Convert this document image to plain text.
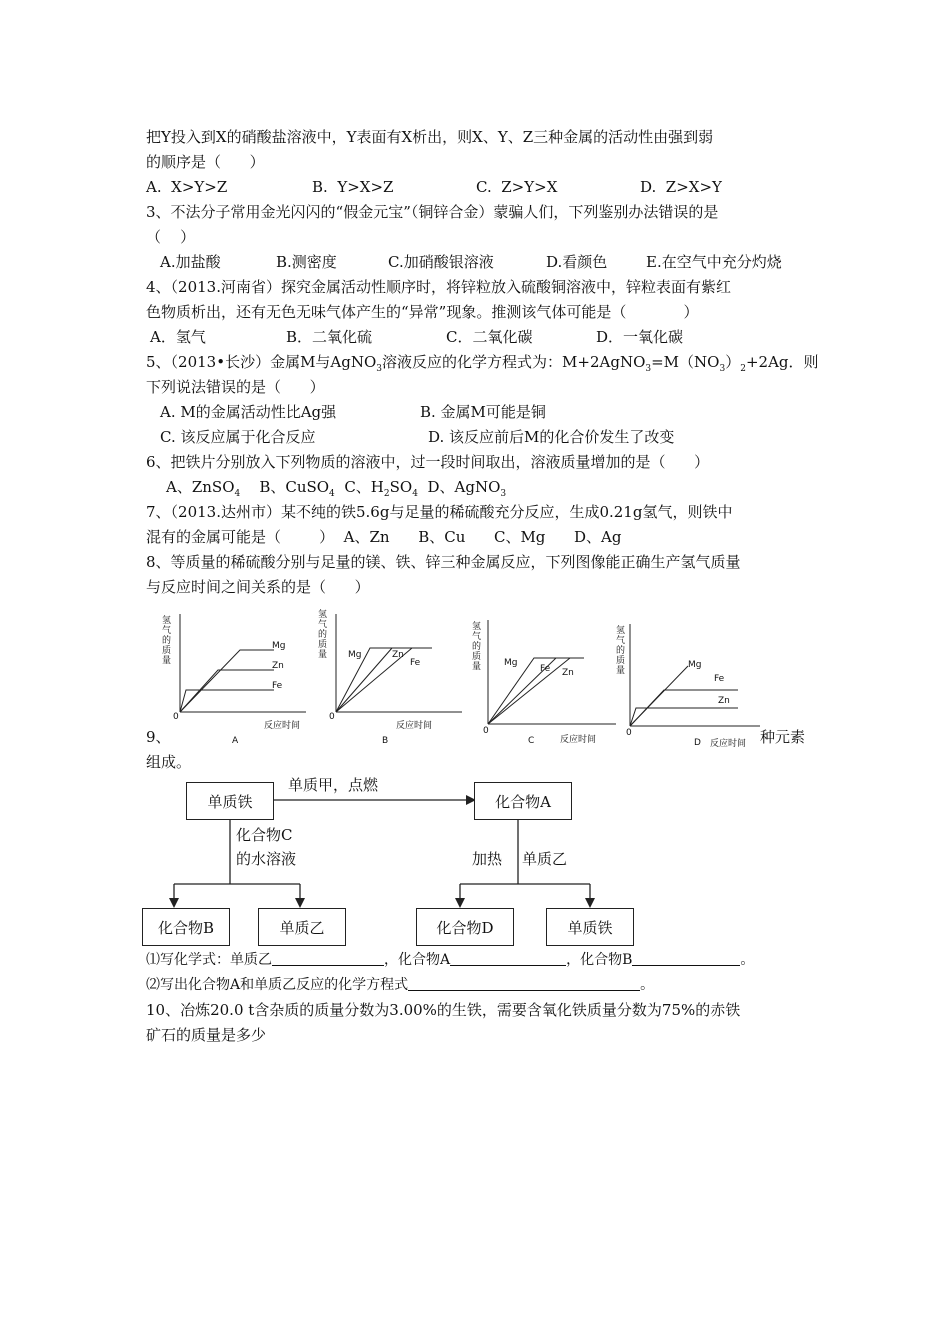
把Y投入到X的硝酸盐溶液中，Y表面有X析出，则X、Y、Z三种金属的活动性由强到弱
的顺序是（      ）
A.  X>Y>Z	B.  Y>X>Z	C.  Z>Y>X	D.  Z>X>Y
3、不法分子常用金光闪闪的“假金元宝”（铜锌合金）蒙骗人们，下列鉴别办法错误的是
（    ）
A.加盐酸	B.测密度	C.加硝酸银溶液	D.看颜色	E.在空气中充分灼烧
4、（2013.河南省）探究金属活动性顺序时，将锌粒放入硫酸铜溶液中，锌粒表面有紫红
色物质析出，还有无色无味气体产生的“异常”现象。推测该气体可能是（            ）
A．氢气	B．二氧化硫	C．二氧化碳	D．一氧化碳
5、（2013•长沙）金属M与AgNO$_3$溶液反应的化学方程式为：$M+2AgNO_3=M(NO_3)_2+2Ag$．则
下列说法错误的是（      ）
A. M的金属活动性比Ag强	B. 金属M可能是铜
C. 该反应属于化合反应	D. 该反应前后M的化合价发生了改变
6、把铁片分别放入下列物质的溶液中，过一段时间取出，溶液质量增加的是（      ）
A、ZnSO$_4$ B、CuSO$_4$ C、$H_2SO_4$ D、AgNO$_3$
7、（2013.达州市）某不纯的铁5.6g与足量的稀硫酸充分反应，生成0.21g氢气，则铁中
混有的金属可能是（        ）  A、Zn      B、Cu      C、Mg      D、Ag
8、等质量的稀硫酸分别与足量的镁、铁、锌三种金属反应，下列图像能正确生产氢气质量
与反应时间之间关系的是（      ）
氢气的质量
Mg
Zn
Fe
0
反应时间
A
氢气的质量 Mg	Zn
Fe
0
反应时间
B
氢气的质量	Mg
Fe Zn
0
反应时间
C
氢气的质量
Mg
Fe
Zn
0
反应时间
D
9、	种元素
组成。
单质铁	化合物A
化合物B	单质乙	化合物D	单质铁
单质甲，点燃
化合物C
的水溶液	加热 单质乙
⑴写化学式：单质乙	，化合物A	，化合物B	。
⑵写出化合物A和单质乙反应的化学方程式	。
10、冶炼20.0 t含杂质的质量分数为3.00%的生铁，需要含氧化铁质量分数为75%的赤铁
矿石的质量是多少
